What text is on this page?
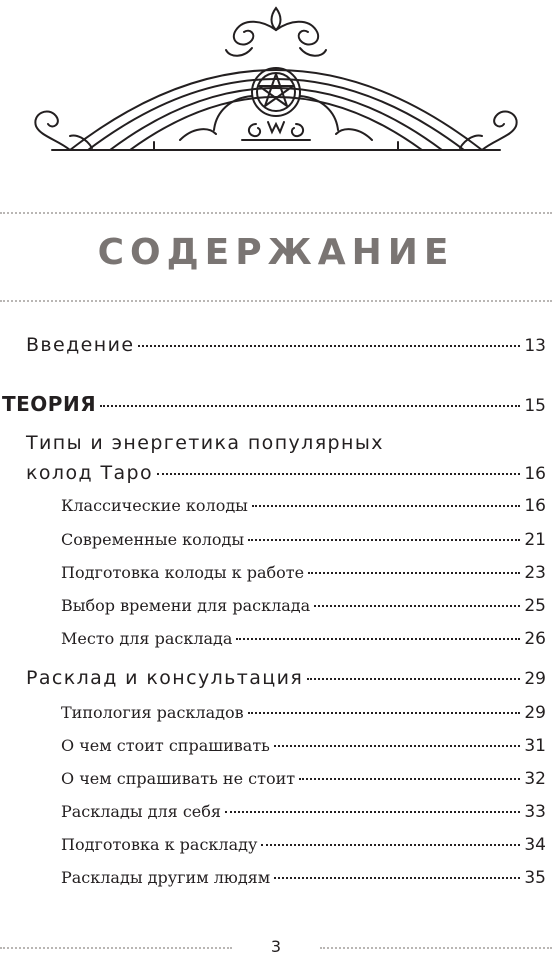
СОДЕРЖАНИЕ
Введение	13
ТЕОРИЯ	15
Типы и энергетика популярных
колод Таро	16
Классические колоды	16
Современные колоды	21
Подготовка колоды к работе	23
Выбор времени для расклада	25
Место для расклада	26
Расклад и консультация	29
Типология раскладов	29
О чем стоит спрашивать	31
О чем спрашивать не стоит	32
Расклады для себя	33
Подготовка к раскладу	34
Расклады другим людям	35
3
